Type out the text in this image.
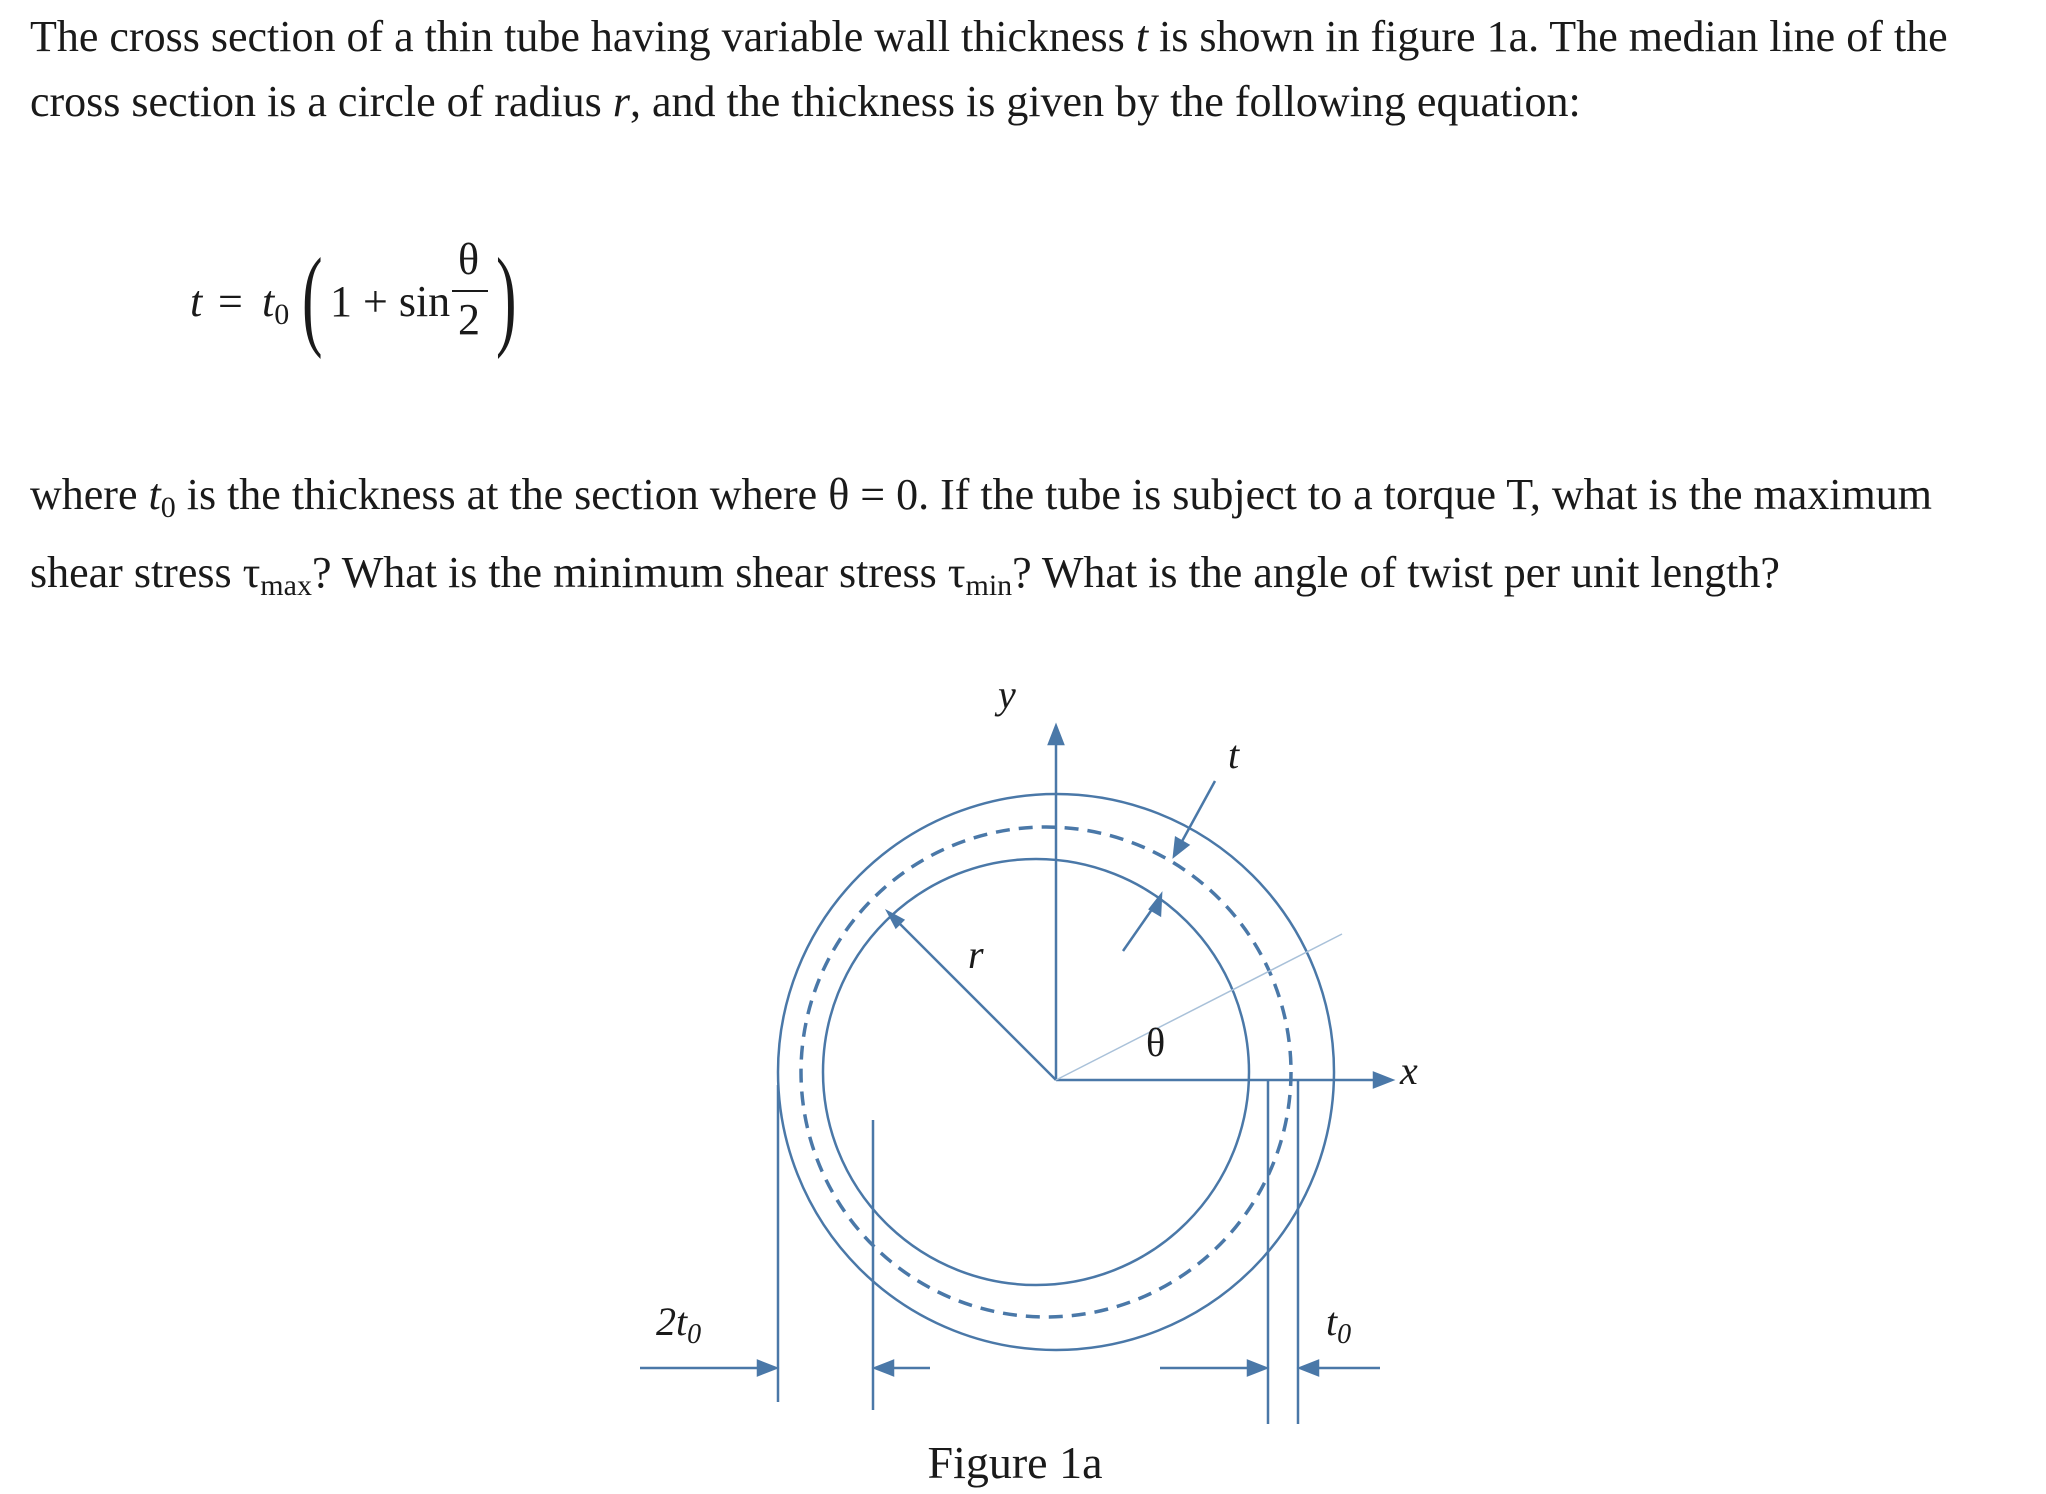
The cross section of a thin tube having variable wall thickness t is shown in figure 1a. The median line of the cross section is a circle of radius r, and the thickness is given by the following equation:

$t = t_0$ ( 1 + sin
θ
2 )

where $t_0$ is the thickness at the section where θ = 0. If the tube is subject to a torque T, what is the maximum shear stress $\tau_{max}$? What is the minimum shear stress $\tau_{min}$? What is the angle of twist per unit length?

y
x
t
r
θ
$2t_0$	$t_0$
Figure 1a
